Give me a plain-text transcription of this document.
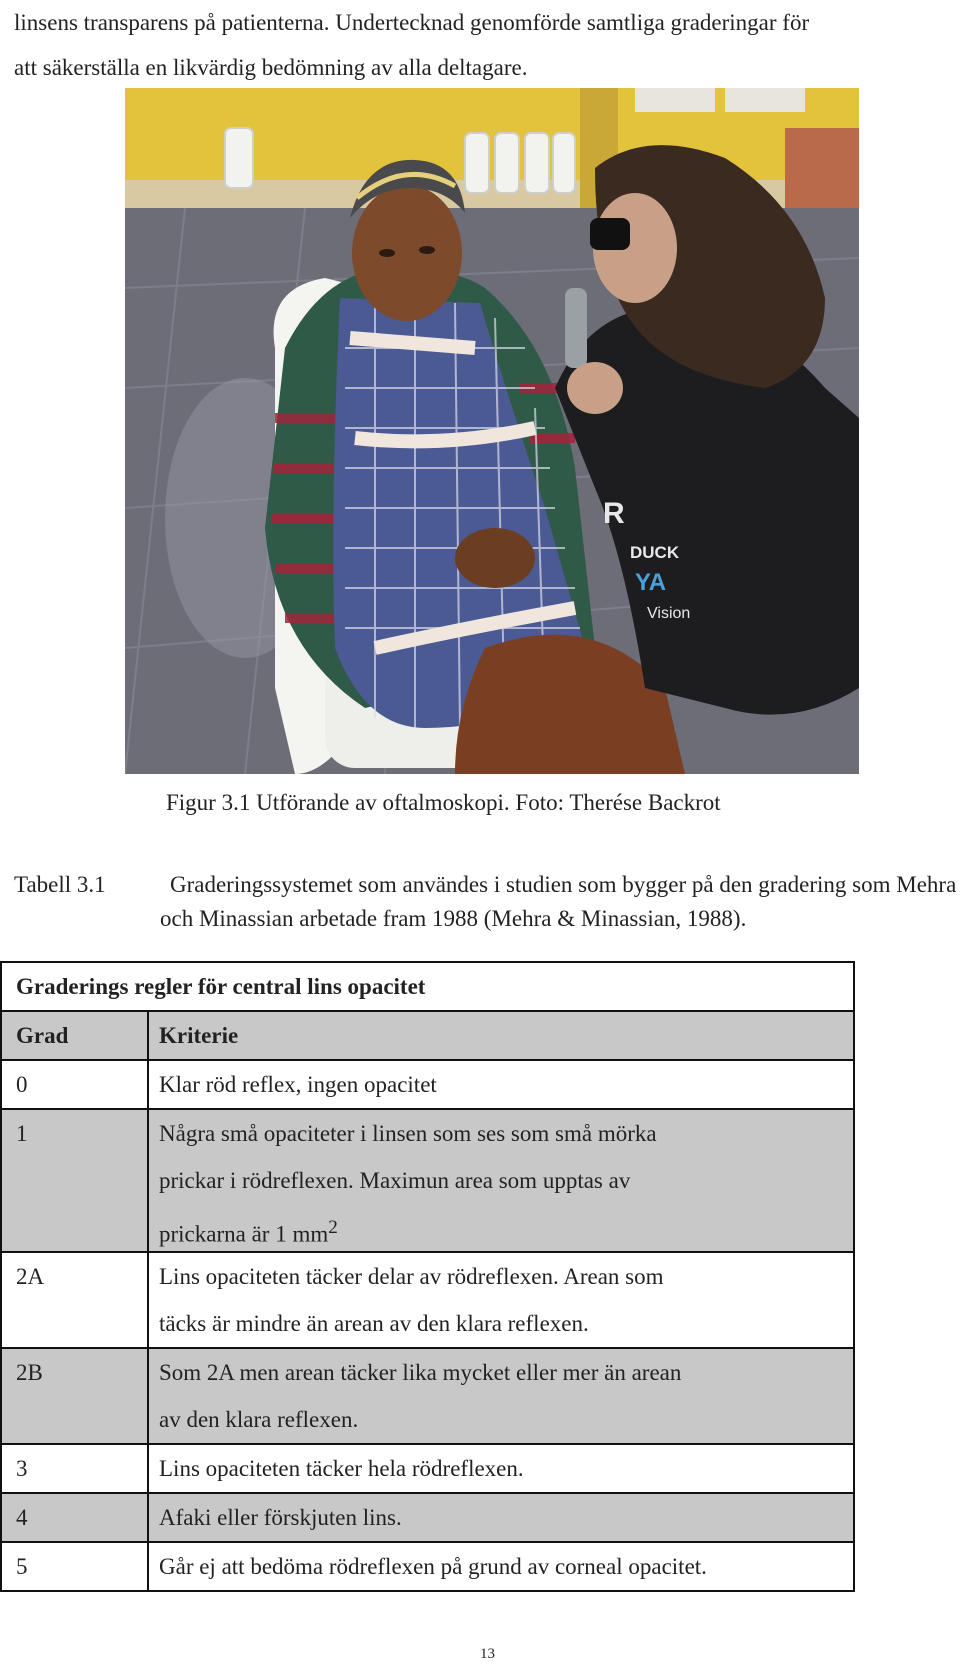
linsens transparens på patienterna. Undertecknad genomförde samtliga graderingar för

att säkerställa en likvärdig bedömning av alla deltagare.

R
DUCK
YA
Vision
Figur 3.1 Utförande av oftalmoskopi. Foto: Therése Backrot
Tabell 3.1	Graderingssystemet som användes i studien som bygger på den gradering som Mehra och Minassian arbetade fram 1988 (Mehra & Minassian, 1988).
Graderings regler för central lins opacitet	

Grad	Kriterie

0	Klar röd reflex, ingen opacitet

1	Några små opaciteter i linsen som ses som små mörka
prickar i rödreflexen. Maximun area som upptas av
prickarna är 1 $mm^2$

2A	Lins opaciteten täcker delar av rödreflexen. Arean som
täcks är mindre än arean av den klara reflexen.

2B	Som 2A men arean täcker lika mycket eller mer än arean
av den klara reflexen.

3	Lins opaciteten täcker hela rödreflexen.

4	Afaki eller förskjuten lins.

5	Går ej att bedöma rödreflexen på grund av corneal opacitet.
13
